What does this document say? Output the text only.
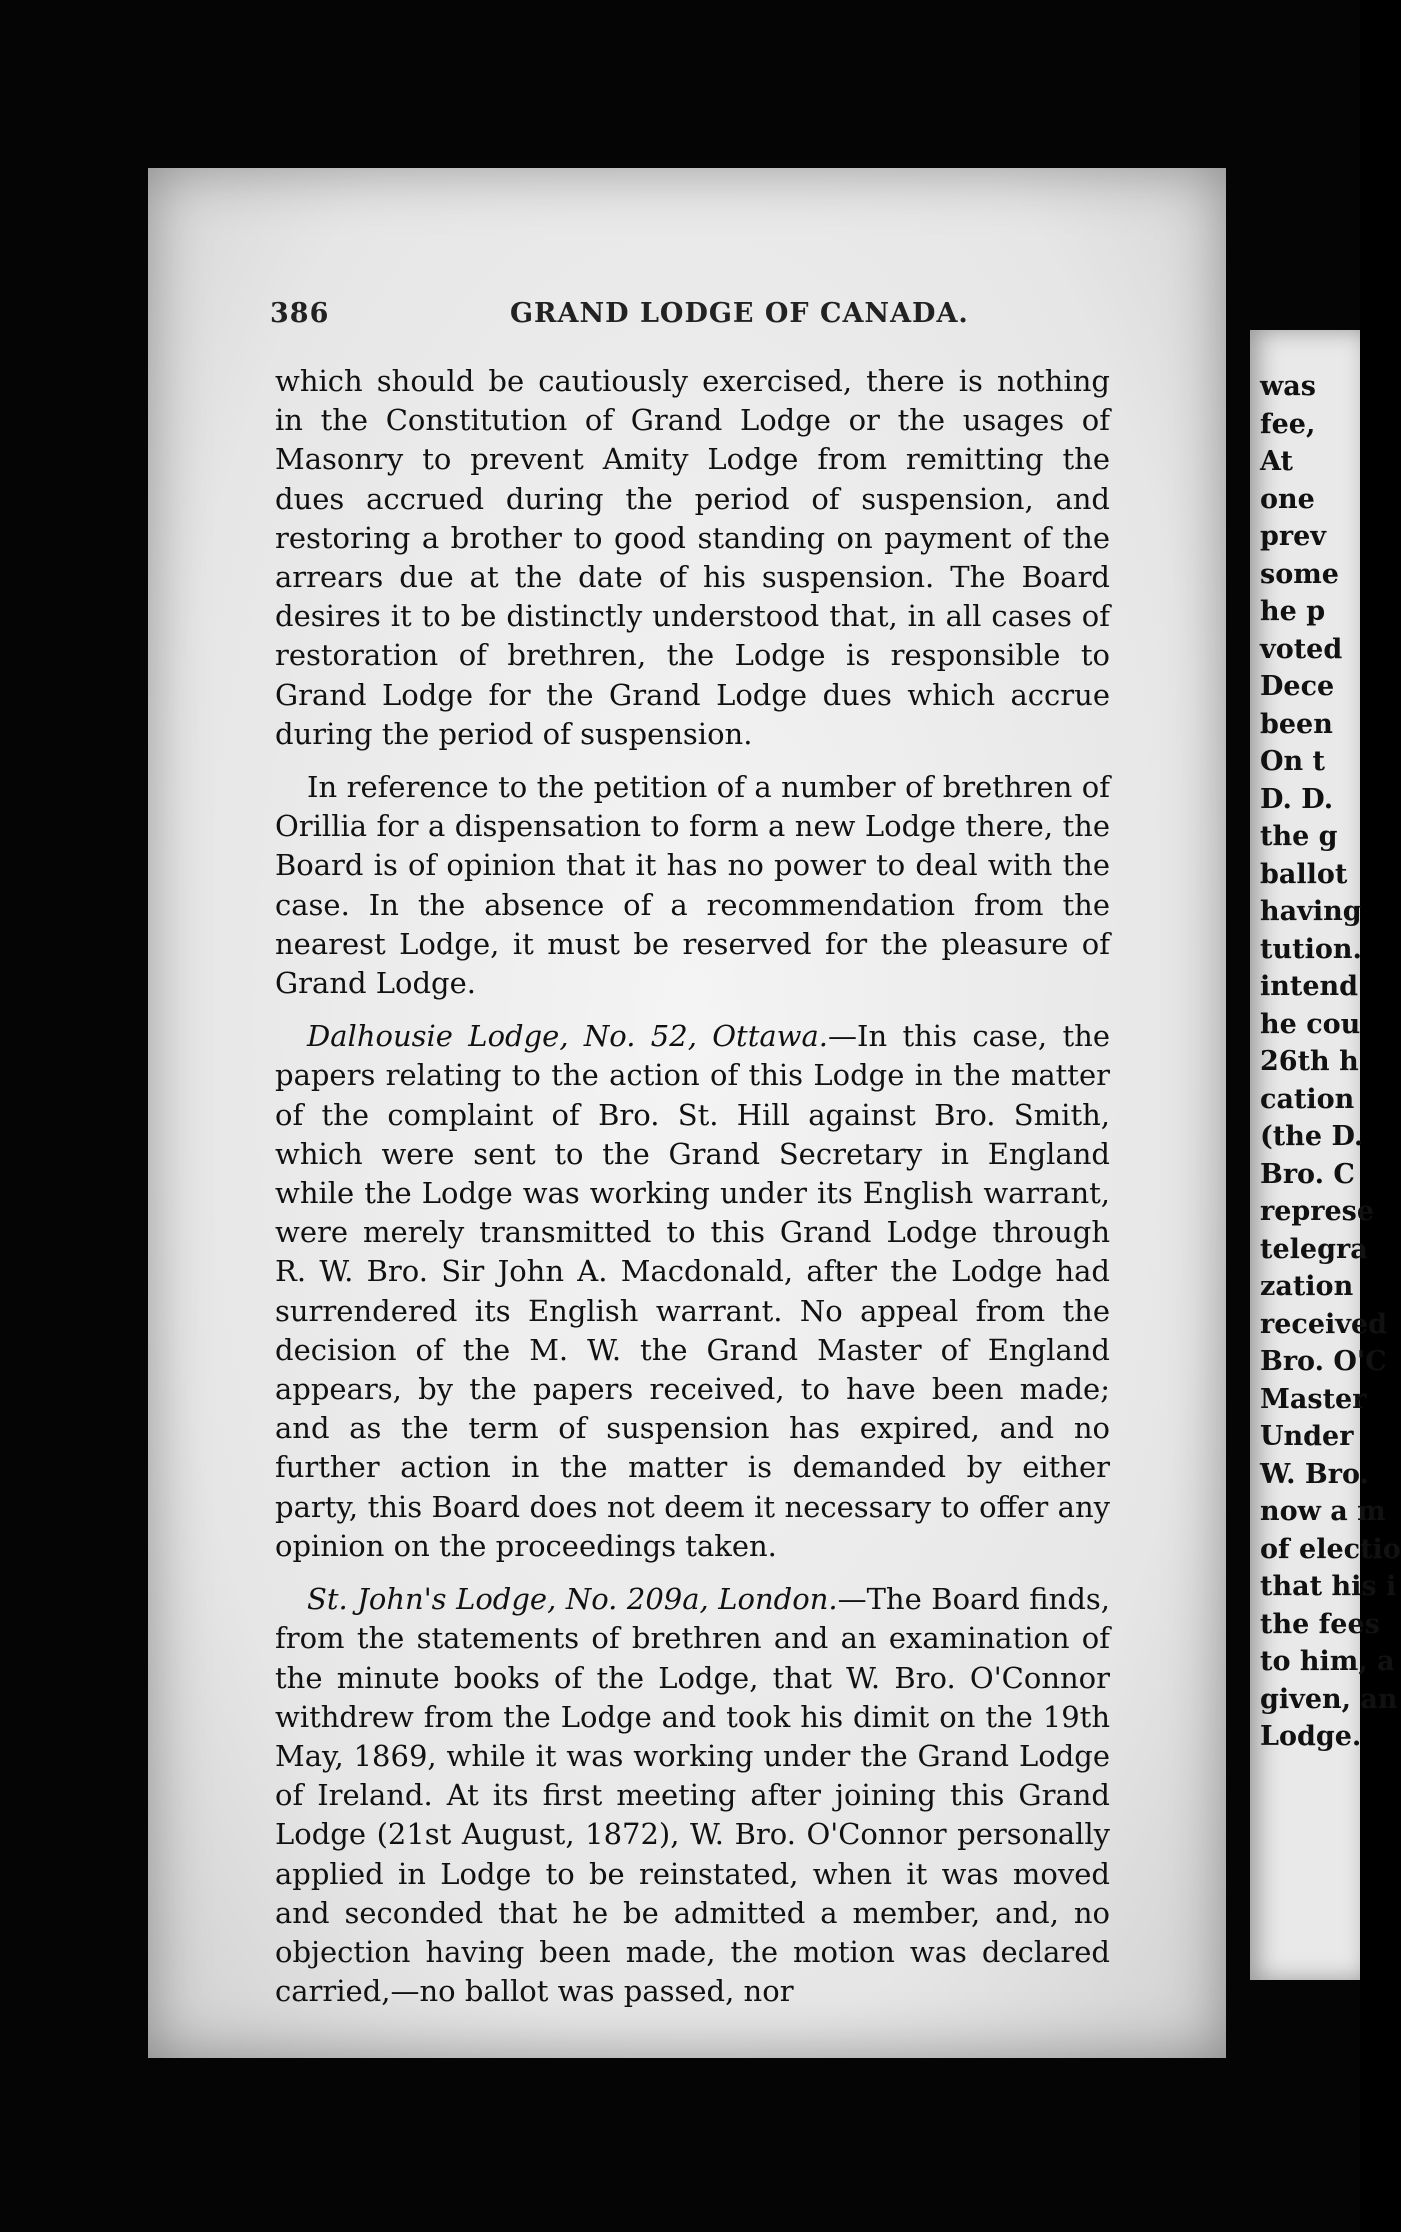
386	GRAND LODGE OF CANADA.

which should be cautiously exercised, there is nothing in the Constitution of Grand Lodge or the usages of Masonry to prevent Amity Lodge from remitting the dues accrued during the period of suspension, and restoring a brother to good standing on payment of the arrears due at the date of his suspension. The Board desires it to be distinctly understood that, in all cases of restoration of brethren, the Lodge is responsible to Grand Lodge for the Grand Lodge dues which accrue during the period of suspension.

In reference to the petition of a number of brethren of Orillia for a dispensation to form a new Lodge there, the Board is of opinion that it has no power to deal with the case. In the absence of a recommendation from the nearest Lodge, it must be reserved for the pleasure of Grand Lodge.

Dalhousie Lodge, No. 52, Ottawa.—In this case, the papers relating to the action of this Lodge in the matter of the complaint of Bro. St. Hill against Bro. Smith, which were sent to the Grand Secretary in England while the Lodge was working under its English warrant, were merely transmitted to this Grand Lodge through R. W. Bro. Sir John A. Macdonald, after the Lodge had surrendered its English warrant. No appeal from the decision of the M. W. the Grand Master of England appears, by the papers received, to have been made; and as the term of suspension has expired, and no further action in the matter is demanded by either party, this Board does not deem it necessary to offer any opinion on the proceedings taken.

St. John's Lodge, No. 209a, London.—The Board finds, from the statements of brethren and an examination of the minute books of the Lodge, that W. Bro. O'Connor withdrew from the Lodge and took his dimit on the 19th May, 1869, while it was working under the Grand Lodge of Ireland. At its first meeting after joining this Grand Lodge (21st August, 1872), W. Bro. O'Connor personally applied in Lodge to be reinstated, when it was moved and seconded that he be admitted a member, and, no objection having been made, the motion was declared carried,—no ballot was passed, nor

was
fee,
At
one
prev
some
he p
voted
Dece
been
On t
D. D.
the g
ballot
having
tution.
intend
he cou
26th h
cation
(the D.
Bro. C
represe
telegra
zation
received
Bro. O'C
Master
Under
W. Bro.
now a m
of electio
that his i
the fees
to him, a
given, an
Lodge.
